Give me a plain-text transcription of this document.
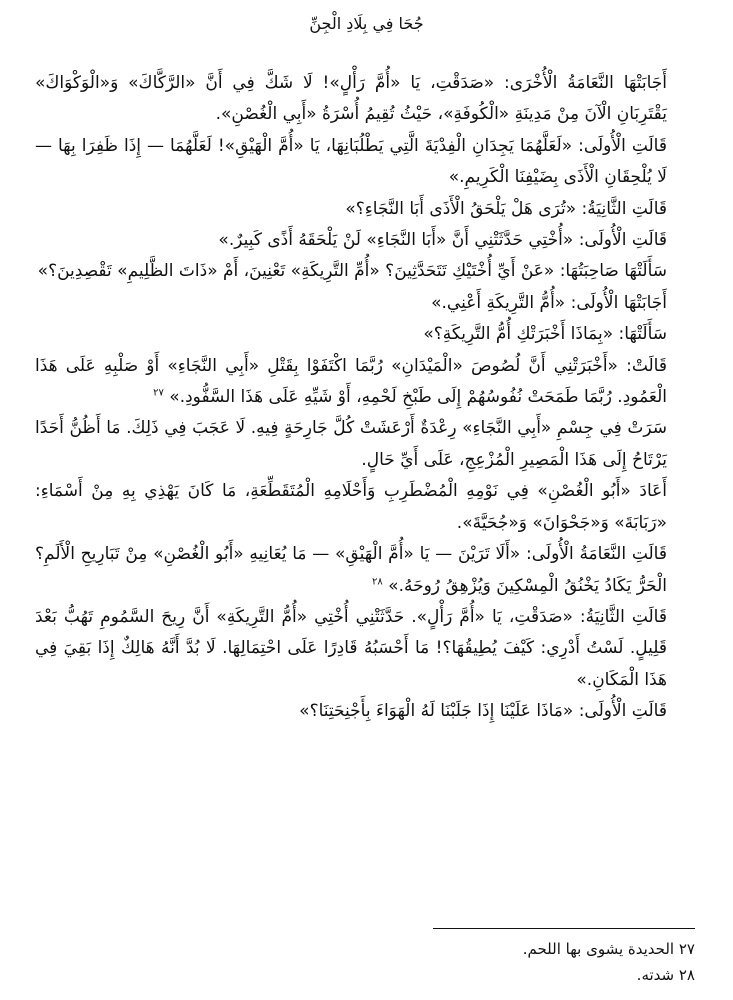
جُحَا فِي بِلَادِ الْجِنِّ

أَجَابَتْهَا النَّعَامَةُ الْأُخْرَى: «صَدَقْتِ، يَا «أُمَّ رَأْلٍ»! لَا شَكَّ فِي أَنَّ «الرَّكَّاكَ» وَ«الْوَكْوَاكَ» يَقْتَرِبَانِ الْآنَ مِنْ مَدِينَةِ «الْكُوفَةِ»، حَيْثُ تُقِيمُ أُسْرَةُ «أَبِي الْغُصْنِ».

قَالَتِ الْأُولَى: «لَعَلَّهُمَا يَجِدَانِ الْفِدْيَةَ الَّتِي يَطْلُبَانِهَا، يَا «أُمَّ الْهَيْقِ»! لَعَلَّهُمَا — إِذَا ظَفِرَا بِهَا — لَا يُلْحِقَانِ الْأَذَى بِضَيْفِنَا الْكَرِيمِ.»

قَالَتِ الثَّانِيَةُ: «تُرَى هَلْ يَلْحَقُ الْأَذَى أَبَا النَّجَاءِ؟»

قَالَتِ الْأُولَى: «أُخْتِي حَدَّثَتْنِي أَنَّ «أَبَا النَّجَاءِ» لَنْ يَلْحَقَهُ أَذًى كَبِيرٌ.»

سَأَلَتْهَا صَاحِبَتُهَا: «عَنْ أَيِّ أُخْتَيْكِ تَتَحَدَّثِينَ؟ «أُمِّ التَّرِيكَةِ» تَعْنِينَ، أَمْ «ذَاتَ الظَّلِيمِ» تَقْصِدِينَ؟»

أَجَابَتْهَا الْأُولَى: «أُمُّ التَّرِيكَةِ أَعْنِي.»

سَأَلَتْهَا: «بِمَاذَا أَخْبَرَتْكِ أُمُّ التَّرِيكَةِ؟»

قَالَتْ: «أَخْبَرَتْنِي أَنَّ لُصُوصَ «الْمَيْدَانِ» رُبَّمَا اكْتَفَوْا بِقَتْلِ «أَبِي النَّجَاءِ» أَوْ صَلْبِهِ عَلَى هَذَا الْعَمُودِ. رُبَّمَا طَمَحَتْ نُفُوسُهُمْ إِلَى طَبْخِ لَحْمِهِ، أَوْ شَيِّهِ عَلَى هَذَا السَّفُّودِ.» $^{٢٧}$

سَرَتْ فِي جِسْمِ «أَبِي النَّجَاءِ» رِعْدَةٌ أَرْعَشَتْ كُلَّ جَارِحَةٍ فِيهِ. لَا عَجَبَ فِي ذَلِكَ. مَا أَظُنُّ أَحَدًا يَرْتَاحُ إِلَى هَذَا الْمَصِيرِ الْمُزْعِجِ، عَلَى أَيِّ حَالٍ.

أَعَادَ «أَبُو الْغُصْنِ» فِي نَوْمِهِ الْمُضْطَرِبِ وَأَحْلَامِهِ الْمُتَقَطِّعَةِ، مَا كَانَ يَهْذِي بِهِ مِنْ أَسْمَاءِ: «رَبَابَةَ» وَ«جَحْوَانَ» وَ«جُحَيَّةَ».

قَالَتِ النَّعَامَةُ الْأُولَى: «أَلَا تَرَيْنَ — يَا «أُمَّ الْهَيْقِ» — مَا يُعَانِيهِ «أَبُو الْغُصْنِ» مِنْ تَبَارِيحِ الْأَلَمِ؟ الْحَرُّ يَكَادُ يَخْنُقُ الْمِسْكِينَ وَيُزْهِقُ رُوحَهُ.» $^{٢٨}$

قَالَتِ الثَّانِيَةُ: «صَدَقْتِ، يَا «أُمَّ رَأْلٍ». حَدَّثَتْنِي أُخْتِي «أُمُّ التَّرِيكَةِ» أَنَّ رِيحَ السَّمُومِ تَهُبُّ بَعْدَ قَلِيلٍ. لَسْتُ أَدْرِي: كَيْفَ يُطِيقُهَا؟! مَا أَحْسَبُهُ قَادِرًا عَلَى احْتِمَالِهَا. لَا بُدَّ أَنَّهُ هَالِكٌ إِذَا بَقِيَ فِي هَذَا الْمَكَانِ.»

قَالَتِ الْأُولَى: «مَاذَا عَلَيْنَا إِذَا جَلَبْنَا لَهُ الْهَوَاءَ بِأَجْنِحَتِنَا؟»

٢٧ الحديدة يشوى بها اللحم.

٢٨ شدته.
